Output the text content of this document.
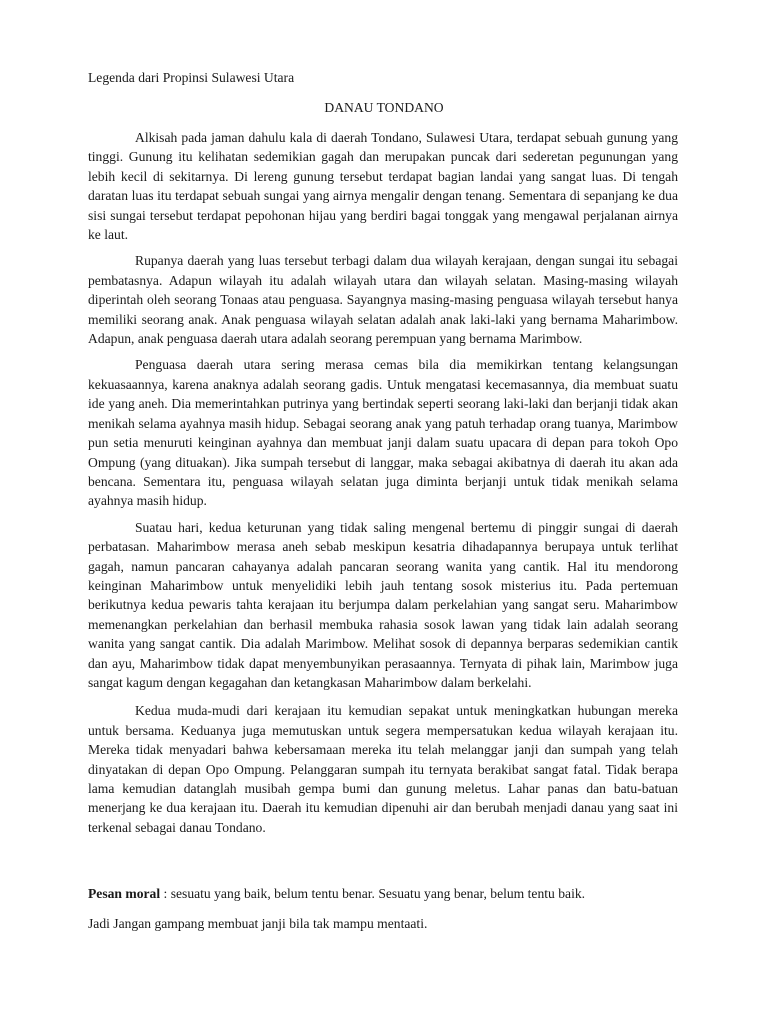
Legenda dari Propinsi Sulawesi Utara

DANAU TONDANO

Alkisah pada jaman dahulu kala di daerah Tondano, Sulawesi Utara, terdapat sebuah gunung yang tinggi. Gunung itu kelihatan sedemikian gagah dan merupakan puncak dari sederetan pegunungan yang lebih kecil di sekitarnya. Di lereng gunung tersebut terdapat bagian landai yang sangat luas. Di tengah daratan luas itu terdapat sebuah sungai yang airnya mengalir dengan tenang. Sementara di sepanjang ke dua sisi sungai tersebut terdapat pepohonan hijau yang berdiri bagai tonggak yang mengawal perjalanan airnya ke laut.

Rupanya daerah yang luas tersebut terbagi dalam dua wilayah kerajaan, dengan sungai itu sebagai pembatasnya. Adapun wilayah itu adalah wilayah utara dan wilayah selatan. Masing-masing wilayah diperintah oleh seorang Tonaas atau penguasa. Sayangnya masing-masing penguasa wilayah tersebut hanya memiliki seorang anak. Anak penguasa wilayah selatan adalah anak laki-laki yang bernama Maharimbow. Adapun, anak penguasa daerah utara adalah seorang perempuan yang bernama Marimbow.

Penguasa daerah utara sering merasa cemas bila dia memikirkan tentang kelangsungan kekuasaannya, karena anaknya adalah seorang gadis. Untuk mengatasi kecemasannya, dia membuat suatu ide yang aneh. Dia memerintahkan putrinya yang bertindak seperti seorang laki-laki dan berjanji tidak akan menikah selama ayahnya masih hidup. Sebagai seorang anak yang patuh terhadap orang tuanya, Marimbow pun setia menuruti keinginan ayahnya dan membuat janji dalam suatu upacara di depan para tokoh Opo Ompung (yang dituakan). Jika sumpah tersebut di langgar, maka sebagai akibatnya di daerah itu akan ada bencana. Sementara itu, penguasa wilayah selatan juga diminta berjanji untuk tidak menikah selama ayahnya masih hidup.

Suatau hari, kedua keturunan yang tidak saling mengenal bertemu di pinggir sungai di daerah perbatasan. Maharimbow merasa aneh sebab meskipun kesatria dihadapannya berupaya untuk terlihat gagah, namun pancaran cahayanya adalah pancaran seorang wanita yang cantik. Hal itu mendorong keinginan Maharimbow untuk menyelidiki lebih jauh tentang sosok misterius itu. Pada pertemuan berikutnya kedua pewaris tahta kerajaan itu berjumpa dalam perkelahian yang sangat seru. Maharimbow memenangkan perkelahian dan berhasil membuka rahasia sosok lawan yang tidak lain adalah seorang wanita yang sangat cantik. Dia adalah Marimbow. Melihat sosok di depannya berparas sedemikian cantik dan ayu, Maharimbow tidak dapat menyembunyikan perasaannya. Ternyata di pihak lain, Marimbow juga sangat kagum dengan kegagahan dan ketangkasan Maharimbow dalam berkelahi.

Kedua muda-mudi dari kerajaan itu kemudian sepakat untuk meningkatkan hubungan mereka untuk bersama. Keduanya juga memutuskan untuk segera mempersatukan kedua wilayah kerajaan itu. Mereka tidak menyadari bahwa kebersamaan mereka itu telah melanggar janji dan sumpah yang telah dinyatakan di depan Opo Ompung. Pelanggaran sumpah itu ternyata berakibat sangat fatal. Tidak berapa lama kemudian datanglah musibah gempa bumi dan gunung meletus. Lahar panas dan batu-batuan menerjang ke dua kerajaan itu. Daerah itu kemudian dipenuhi air dan berubah menjadi danau yang saat ini terkenal sebagai danau Tondano.

Pesan moral : sesuatu yang baik, belum tentu benar. Sesuatu yang benar, belum tentu baik.

Jadi Jangan gampang membuat janji bila tak mampu mentaati.
